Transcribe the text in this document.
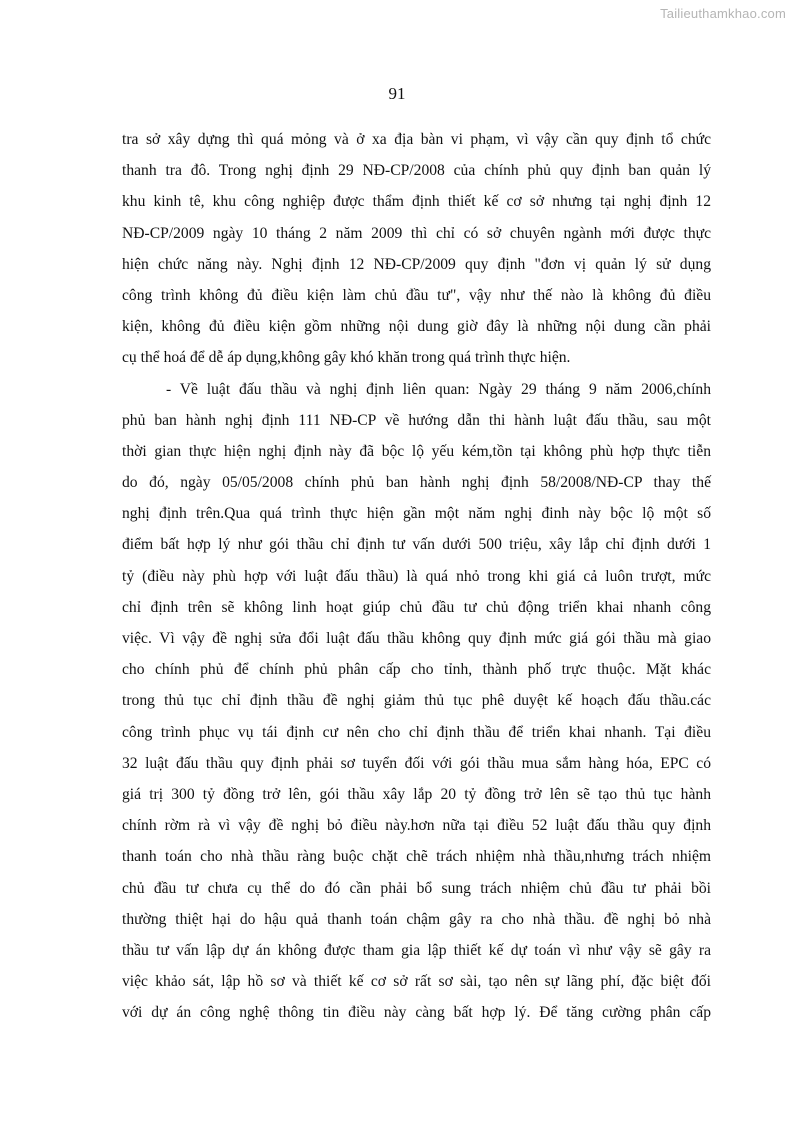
Tailieuthamkhao.com
91
tra sở xây dựng thì quá mỏng và ở xa địa bàn vi phạm, vì vậy cần quy định tổ chức
thanh tra đô. Trong nghị định 29 NĐ-CP/2008 của chính phủ quy định ban quản lý
khu kinh tê, khu công nghiệp được thẩm định thiết kế cơ sở nhưng tại nghị định 12
NĐ-CP/2009 ngày 10 tháng 2 năm 2009 thì chỉ có sở chuyên ngành mới được thực
hiện chức năng này. Nghị định 12 NĐ-CP/2009 quy định "đơn vị quản lý sử dụng
công trình không đủ điều kiện làm chủ đầu tư", vậy như thế nào là không đủ điều
kiện, không đủ điều kiện gồm những nội dung giờ đây là những nội dung cần phải
cụ thể hoá để dễ áp dụng,không gây khó khăn trong quá trình thực hiện.
- Về luật đấu thầu và nghị định liên quan: Ngày 29 tháng 9 năm 2006,chính
phủ ban hành nghị định 111 NĐ-CP về hướng dẫn thi hành luật đấu thầu, sau một
thời gian thực hiện nghị định này đã bộc lộ yếu kém,tồn tại không phù hợp thực tiễn
do đó, ngày 05/05/2008 chính phủ ban hành nghị định 58/2008/NĐ-CP thay thế
nghị định trên.Qua quá trình thực hiện gần một năm nghị đinh này bộc lộ một số
điểm bất hợp lý như gói thầu chỉ định tư vấn dưới 500 triệu, xây lắp chỉ định dưới 1
tỷ (điều này phù hợp với luật đấu thầu) là quá nhỏ trong khi giá cả luôn trượt, mức
chỉ định trên sẽ không linh hoạt giúp chủ đầu tư chủ động triển khai nhanh công
việc. Vì vậy đề nghị sửa đổi luật đấu thầu không quy định mức giá gói thầu mà giao
cho chính phủ để chính phủ phân cấp cho tỉnh, thành phố trực thuộc. Mặt khác
trong thủ tục chỉ định thầu đề nghị giảm thủ tục phê duyệt kế hoạch đấu thầu.các
công trình phục vụ tái định cư nên cho chỉ định thầu để triển khai nhanh. Tại điều
32 luật đấu thầu quy định phải sơ tuyển đối với gói thầu mua sắm hàng hóa, EPC có
giá trị 300 tỷ đồng trở lên, gói thầu xây lắp 20 tỷ đồng trở lên sẽ tạo thủ tục hành
chính rờm rà vì vậy đề nghị bỏ điều này.hơn nữa tại điều 52 luật đấu thầu quy định
thanh toán cho nhà thầu ràng buộc chặt chẽ trách nhiệm nhà thầu,nhưng trách nhiệm
chủ đầu tư chưa cụ thể do đó cần phải bổ sung trách nhiệm chủ đầu tư phải bồi
thường thiệt hại do hậu quả thanh toán chậm gây ra cho nhà thầu. đề nghị bỏ nhà
thầu tư vấn lập dự án không được tham gia lập thiết kế dự toán vì như vậy sẽ gây ra
việc khảo sát, lập hồ sơ và thiết kế cơ sở rất sơ sài, tạo nên sự lãng phí, đặc biệt đối
với dự án công nghệ thông tin điều này càng bất hợp lý. Để tăng cường phân cấp
